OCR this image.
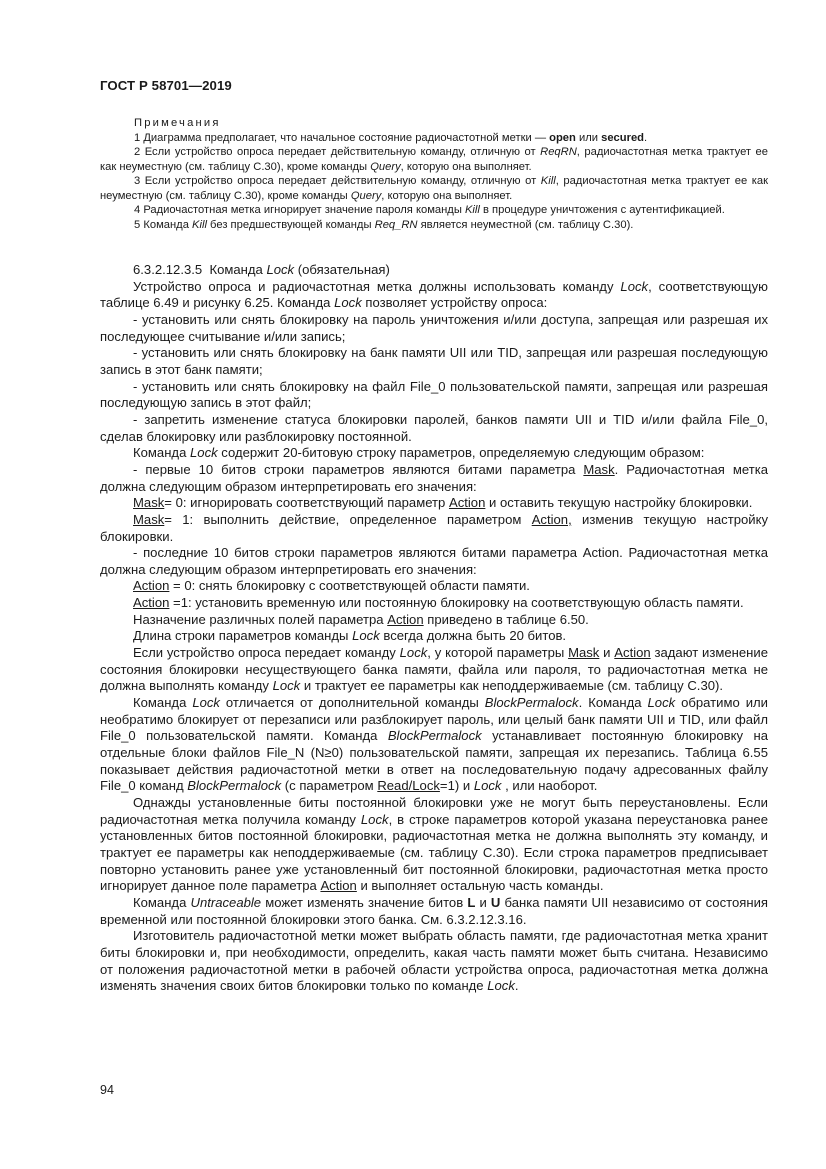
ГОСТ Р 58701—2019
Примечания
1 Диаграмма предполагает, что начальное состояние радиочастотной метки — open или secured.
2 Если устройство опроса передает действительную команду, отличную от ReqRN, радиочастотная метка трактует ее как неуместную (см. таблицу С.30), кроме команды Query, которую она выполняет.
3 Если устройство опроса передает действительную команду, отличную от Kill, радиочастотная метка трактует ее как неуместную (см. таблицу С.30), кроме команды Query, которую она выполняет.
4 Радиочастотная метка игнорирует значение пароля команды Kill в процедуре уничтожения с аутентификацией.
5 Команда Kill без предшествующей команды Req_RN является неуместной (см. таблицу С.30).
6.3.2.12.3.5  Команда Lock (обязательная)
Устройство опроса и радиочастотная метка должны использовать команду Lock, соответствующую таблице 6.49 и рисунку 6.25. Команда Lock позволяет устройству опроса:
- установить или снять блокировку на пароль уничтожения и/или доступа, запрещая или разрешая их последующее считывание и/или запись;
- установить или снять блокировку на банк памяти UII или TID, запрещая или разрешая последующую запись в этот банк памяти;
- установить или снять блокировку на файл File_0 пользовательской памяти, запрещая или разрешая последующую запись в этот файл;
- запретить изменение статуса блокировки паролей, банков памяти UII и TID и/или файла File_0, сделав блокировку или разблокировку постоянной.
Команда Lock содержит 20-битовую строку параметров, определяемую следующим образом:
- первые 10 битов строки параметров являются битами параметра Mask. Радиочастотная метка должна следующим образом интерпретировать его значения:
Mask= 0: игнорировать соответствующий параметр Action и оставить текущую настройку блокировки.
Mask= 1: выполнить действие, определенное параметром Action, изменив текущую настройку блокировки.
- последние 10 битов строки параметров являются битами параметра Action. Радиочастотная метка должна следующим образом интерпретировать его значения:
Action = 0: снять блокировку с соответствующей области памяти.
Action =1: установить временную или постоянную блокировку на соответствующую область памяти.
Назначение различных полей параметра Action приведено в таблице 6.50.
Длина строки параметров команды Lock всегда должна быть 20 битов.
Если устройство опроса передает команду Lock, у которой параметры Mask и Action задают изменение состояния блокировки несуществующего банка памяти, файла или пароля, то радиочастотная метка не должна выполнять команду Lock и трактует ее параметры как неподдерживаемые (см. таблицу С.30).
Команда Lock отличается от дополнительной команды BlockPermalock. Команда Lock обратимо или необратимо блокирует от перезаписи или разблокирует пароль, или целый банк памяти UII и TID, или файл File_0 пользовательской памяти. Команда BlockPermalock устанавливает постоянную блокировку на отдельные блоки файлов File_N (N≥0) пользовательской памяти, запрещая их перезапись. Таблица 6.55 показывает действия радиочастотной метки в ответ на последовательную подачу адресованных файлу File_0 команд BlockPermalock (с параметром Read/Lock=1) и Lock , или наоборот.
Однажды установленные биты постоянной блокировки уже не могут быть переустановлены. Если радиочастотная метка получила команду Lock, в строке параметров которой указана переустановка ранее установленных битов постоянной блокировки, радиочастотная метка не должна выполнять эту команду, и трактует ее параметры как неподдерживаемые (см. таблицу С.30). Если строка параметров предписывает повторно установить ранее уже установленный бит постоянной блокировки, радиочастотная метка просто игнорирует данное поле параметра Action и выполняет остальную часть команды.
Команда Untraceable может изменять значение битов L и U банка памяти UII независимо от состояния временной или постоянной блокировки этого банка. См. 6.3.2.12.3.16.
Изготовитель радиочастотной метки может выбрать область памяти, где радиочастотная метка хранит биты блокировки и, при необходимости, определить, какая часть памяти может быть считана. Независимо от положения радиочастотной метки в рабочей области устройства опроса, радиочастотная метка должна изменять значения своих битов блокировки только по команде Lock.
94
